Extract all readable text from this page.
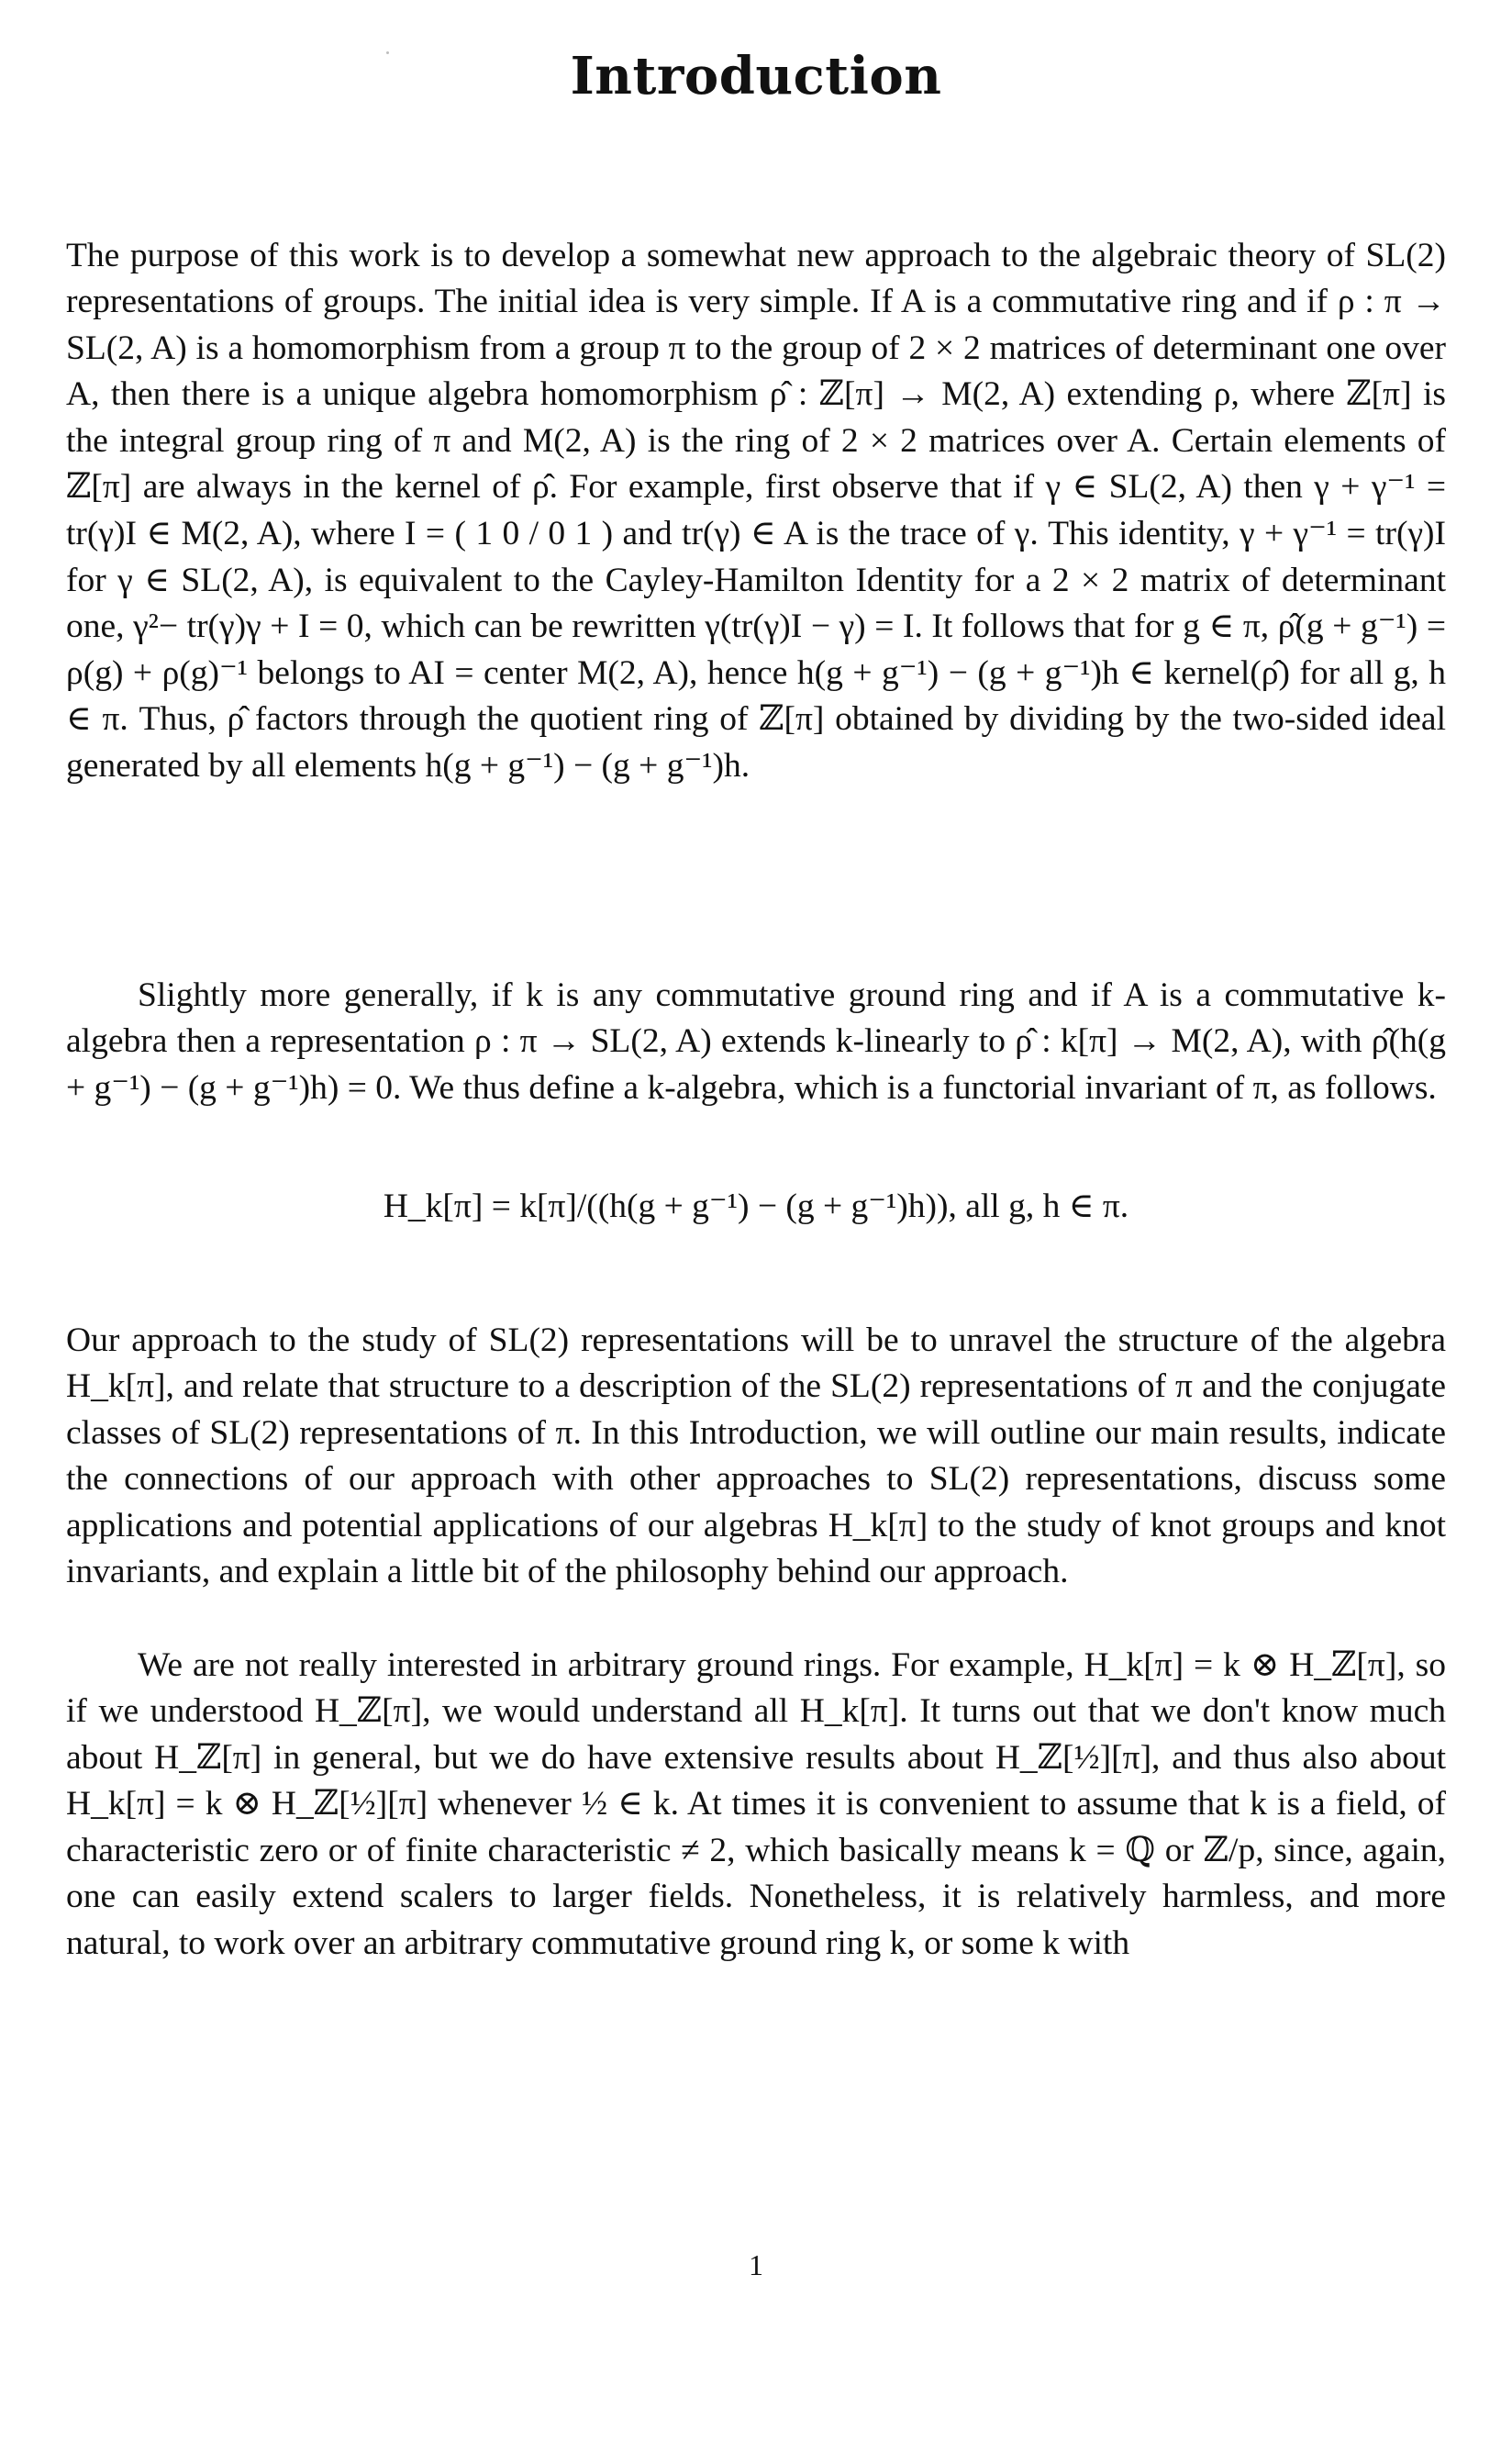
Introduction

The purpose of this work is to develop a somewhat new approach to the algebraic theory of SL(2) representations of groups. The initial idea is very simple. If A is a commutative ring and if ρ : π → SL(2, A) is a homomorphism from a group π to the group of 2 × 2 matrices of determinant one over A, then there is a unique algebra homomorphism ρ̂ : ℤ[π] → M(2, A) extending ρ, where ℤ[π] is the integral group ring of π and M(2, A) is the ring of 2 × 2 matrices over A. Certain elements of ℤ[π] are always in the kernel of ρ̂. For example, first observe that if γ ∈ SL(2, A) then γ + γ⁻¹ = tr(γ)I ∈ M(2, A), where I = ( 1 0 / 0 1 ) and tr(γ) ∈ A is the trace of γ. This identity, γ + γ⁻¹ = tr(γ)I for γ ∈ SL(2, A), is equivalent to the Cayley-Hamilton Identity for a 2 × 2 matrix of determinant one, γ²− tr(γ)γ + I = 0, which can be rewritten γ(tr(γ)I − γ) = I. It follows that for g ∈ π, ρ̂(g + g⁻¹) = ρ(g) + ρ(g)⁻¹ belongs to AI = center M(2, A), hence h(g + g⁻¹) − (g + g⁻¹)h ∈ kernel(ρ̂) for all g, h ∈ π. Thus, ρ̂ factors through the quotient ring of ℤ[π] obtained by dividing by the two-sided ideal generated by all elements h(g + g⁻¹) − (g + g⁻¹)h.

Slightly more generally, if k is any commutative ground ring and if A is a commutative k-algebra then a representation ρ : π → SL(2, A) extends k-linearly to ρ̂ : k[π] → M(2, A), with ρ̂(h(g + g⁻¹) − (g + g⁻¹)h) = 0. We thus define a k-algebra, which is a functorial invariant of π, as follows.

H_k[π] = k[π]/((h(g + g⁻¹) − (g + g⁻¹)h)), all g, h ∈ π.

Our approach to the study of SL(2) representations will be to unravel the structure of the algebra H_k[π], and relate that structure to a description of the SL(2) representations of π and the conjugate classes of SL(2) representations of π. In this Introduction, we will outline our main results, indicate the connections of our approach with other approaches to SL(2) representations, discuss some applications and potential applications of our algebras H_k[π] to the study of knot groups and knot invariants, and explain a little bit of the philosophy behind our approach.

We are not really interested in arbitrary ground rings. For example, H_k[π] = k ⊗ H_ℤ[π], so if we understood H_ℤ[π], we would understand all H_k[π]. It turns out that we don't know much about H_ℤ[π] in general, but we do have extensive results about H_ℤ[½][π], and thus also about H_k[π] = k ⊗ H_ℤ[½][π] whenever ½ ∈ k. At times it is convenient to assume that k is a field, of characteristic zero or of finite characteristic ≠ 2, which basically means k = ℚ or ℤ/p, since, again, one can easily extend scalers to larger fields. Nonetheless, it is relatively harmless, and more natural, to work over an arbitrary commutative ground ring k, or some k with

1
